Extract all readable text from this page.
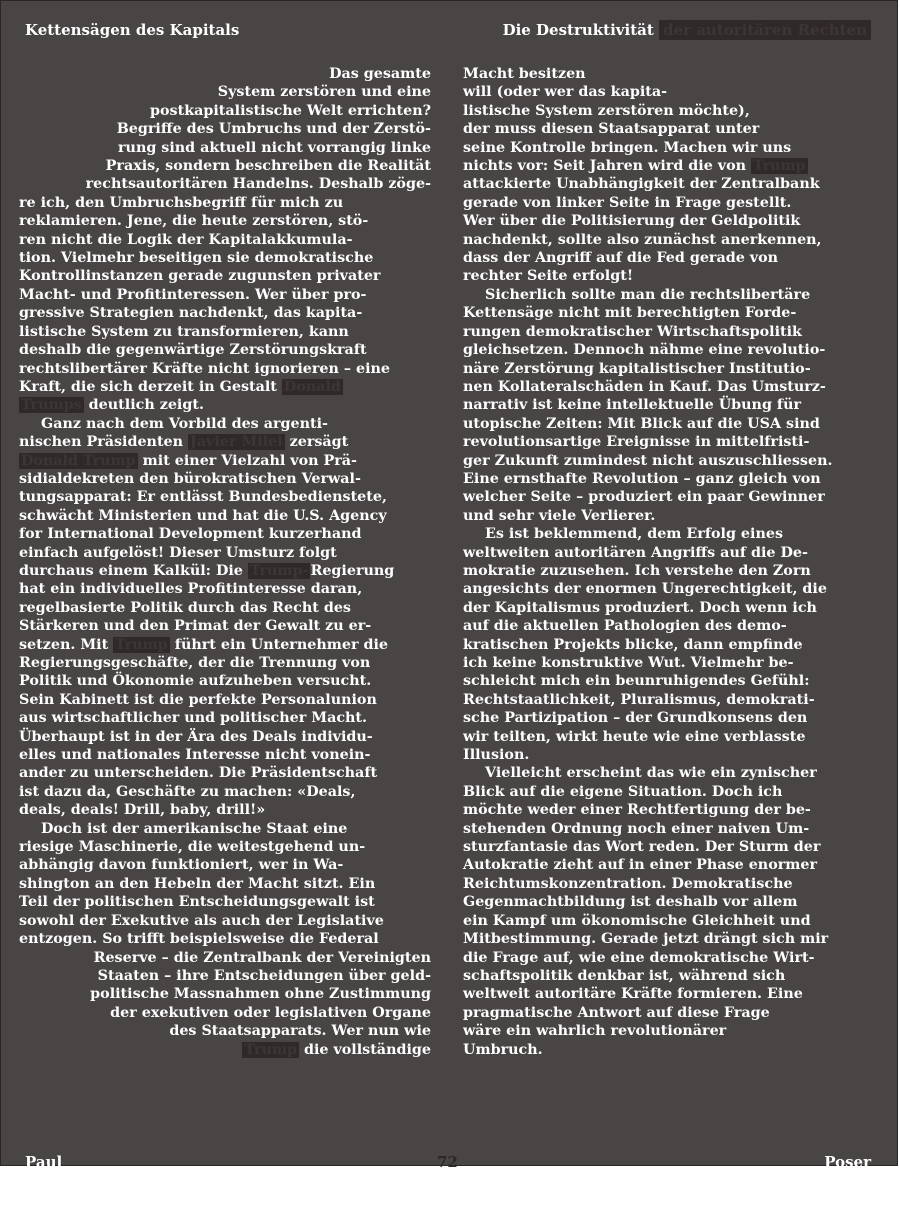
Kettensägen des Kapitals	Die Destruktivität der autoritären Rechten
Das gesamte
System zerstören und eine
postkapitalistische Welt errichten?
Begriffe des Umbruchs und der Zerstö-
rung sind aktuell nicht vorrangig linke
Praxis, sondern beschreiben die Realität
rechtsautoritären Handelns. Deshalb zöge-
re ich, den Umbruchsbegriff für mich zu
reklamieren. Jene, die heute zerstören, stö-
ren nicht die Logik der Kapitalakkumula-
tion. Vielmehr beseitigen sie demokratische
Kontrollinstanzen gerade zugunsten privater
Macht- und Profitinteressen. Wer über pro-
gressive Strategien nachdenkt, das kapita-
listische System zu transformieren, kann
deshalb die gegenwärtige Zerstörungskraft
rechtslibertärer Kräfte nicht ignorieren – eine
Kraft, die sich derzeit in Gestalt Donald
Trumps deutlich zeigt.
Ganz nach dem Vorbild des argenti-
nischen Präsidenten Javier Milei zersägt
Donald Trump mit einer Vielzahl von Prä-
sidialdekreten den bürokratischen Verwal-
tungsapparat: Er entlässt Bundesbedienstete,
schwächt Ministerien und hat die U.S. Agency
for International Development kurzerhand
einfach aufgelöst! Dieser Umsturz folgt
durchaus einem Kalkül: Die Trump- Regierung
hat ein individuelles Profitinteresse daran,
regelbasierte Politik durch das Recht des
Stärkeren und den Primat der Gewalt zu er-
setzen. Mit Trump führt ein Unternehmer die
Regierungsgeschäfte, der die Trennung von
Politik und Ökonomie aufzuheben versucht.
Sein Kabinett ist die perfekte Personalunion
aus wirtschaftlicher und politischer Macht.
Überhaupt ist in der Ära des Deals individu-
elles und nationales Interesse nicht vonein-
ander zu unterscheiden. Die Präsidentschaft
ist dazu da, Geschäfte zu machen: «Deals,
deals, deals! Drill, baby, drill!»
Doch ist der amerikanische Staat eine
riesige Maschinerie, die weitestgehend un-
abhängig davon funktioniert, wer in Wa-
shington an den Hebeln der Macht sitzt. Ein
Teil der politischen Entscheidungsgewalt ist
sowohl der Exekutive als auch der Legislative
entzogen. So trifft beispielsweise die Federal
Reserve – die Zentralbank der Vereinigten
Staaten – ihre Entscheidungen über geld-
politische Massnahmen ohne Zustimmung
der exekutiven oder legislativen Organe
des Staatsapparats. Wer nun wie
Trump die vollständige
Macht besitzen
will (oder wer das kapita-
listische System zerstören möchte),
der muss diesen Staatsapparat unter
seine Kontrolle bringen. Machen wir uns
nichts vor: Seit Jahren wird die von Trump
attackierte Unabhängigkeit der Zentralbank
gerade von linker Seite in Frage gestellt.
Wer über die Politisierung der Geldpolitik
nachdenkt, sollte also zunächst anerkennen,
dass der Angriff auf die Fed gerade von
rechter Seite erfolgt!
Sicherlich sollte man die rechtslibertäre
Kettensäge nicht mit berechtigten Forde-
rungen demokratischer Wirtschaftspolitik
gleichsetzen. Dennoch nähme eine revolutio-
näre Zerstörung kapitalistischer Institutio-
nen Kollateralschäden in Kauf. Das Umsturz-
narrativ ist keine intellektuelle Übung für
utopische Zeiten: Mit Blick auf die USA sind
revolutionsartige Ereignisse in mittelfristi-
ger Zukunft zumindest nicht auszuschliessen.
Eine ernsthafte Revolution – ganz gleich von
welcher Seite – produziert ein paar Gewinner
und sehr viele Verlierer.
Es ist beklemmend, dem Erfolg eines
weltweiten autoritären Angriffs auf die De-
mokratie zuzusehen. Ich verstehe den Zorn
angesichts der enormen Ungerechtigkeit, die
der Kapitalismus produziert. Doch wenn ich
auf die aktuellen Pathologien des demo-
kratischen Projekts blicke, dann empfinde
ich keine konstruktive Wut. Vielmehr be-
schleicht mich ein beunruhigendes Gefühl:
Rechtstaatlichkeit, Pluralismus, demokrati-
sche Partizipation – der Grundkonsens den
wir teilten, wirkt heute wie eine verblasste
Illusion.
Vielleicht erscheint das wie ein zynischer
Blick auf die eigene Situation. Doch ich
möchte weder einer Rechtfertigung der be-
stehenden Ordnung noch einer naiven Um-
sturzfantasie das Wort reden. Der Sturm der
Autokratie zieht auf in einer Phase enormer
Reichtumskonzentration. Demokratische
Gegenmachtbildung ist deshalb vor allem
ein Kampf um ökonomische Gleichheit und
Mitbestimmung. Gerade jetzt drängt sich mir
die Frage auf, wie eine demokratische Wirt-
schaftspolitik denkbar ist, während sich
weltweit autoritäre Kräfte formieren. Eine
pragmatische Antwort auf diese Frage
wäre ein wahrlich revolutionärer
Umbruch.
Paul	72	Poser
